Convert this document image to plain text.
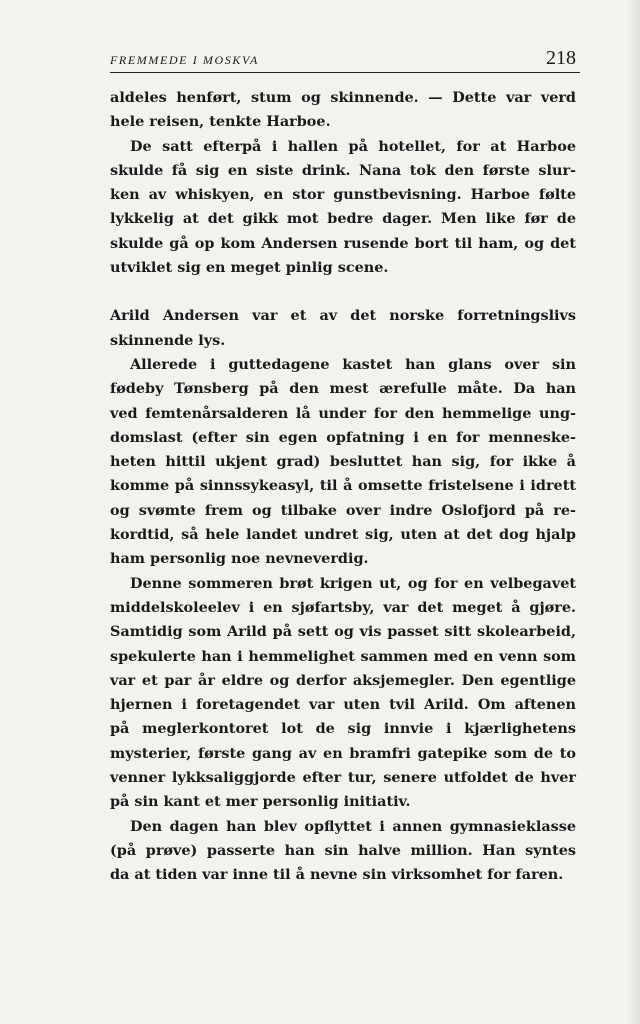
FREMMEDE I MOSKVA	218
aldeles henført, stum og skinnende. — Dette var verd
hele reisen, tenkte Harboe.
De satt efterpå i hallen på hotellet, for at Harboe
skulde få sig en siste drink. Nana tok den første slur-
ken av whiskyen, en stor gunstbevisning. Harboe følte
lykkelig at det gikk mot bedre dager. Men like før de
skulde gå op kom Andersen rusende bort til ham, og det
utviklet sig en meget pinlig scene.
Arild Andersen var et av det norske forretningslivs
skinnende lys.
Allerede i guttedagene kastet han glans over sin
fødeby Tønsberg på den mest ærefulle måte. Da han
ved femtenårsalderen lå under for den hemmelige ung-
domslast (efter sin egen opfatning i en for menneske-
heten hittil ukjent grad) besluttet han sig, for ikke å
komme på sinnssykeasyl, til å omsette fristelsene i idrett
og svømte frem og tilbake over indre Oslofjord på re-
kordtid, så hele landet undret sig, uten at det dog hjalp
ham personlig noe nevneverdig.
Denne sommeren brøt krigen ut, og for en velbegavet
middelskoleelev i en sjøfartsby, var det meget å gjøre.
Samtidig som Arild på sett og vis passet sitt skolearbeid,
spekulerte han i hemmelighet sammen med en venn som
var et par år eldre og derfor aksjemegler. Den egentlige
hjernen i foretagendet var uten tvil Arild. Om aftenen
på meglerkontoret lot de sig innvie i kjærlighetens
mysterier, første gang av en bramfri gatepike som de to
venner lykksaliggjorde efter tur, senere utfoldet de hver
på sin kant et mer personlig initiativ.
Den dagen han blev opflyttet i annen gymnasieklasse
(på prøve) passerte han sin halve million. Han syntes
da at tiden var inne til å nevne sin virksomhet for faren.
